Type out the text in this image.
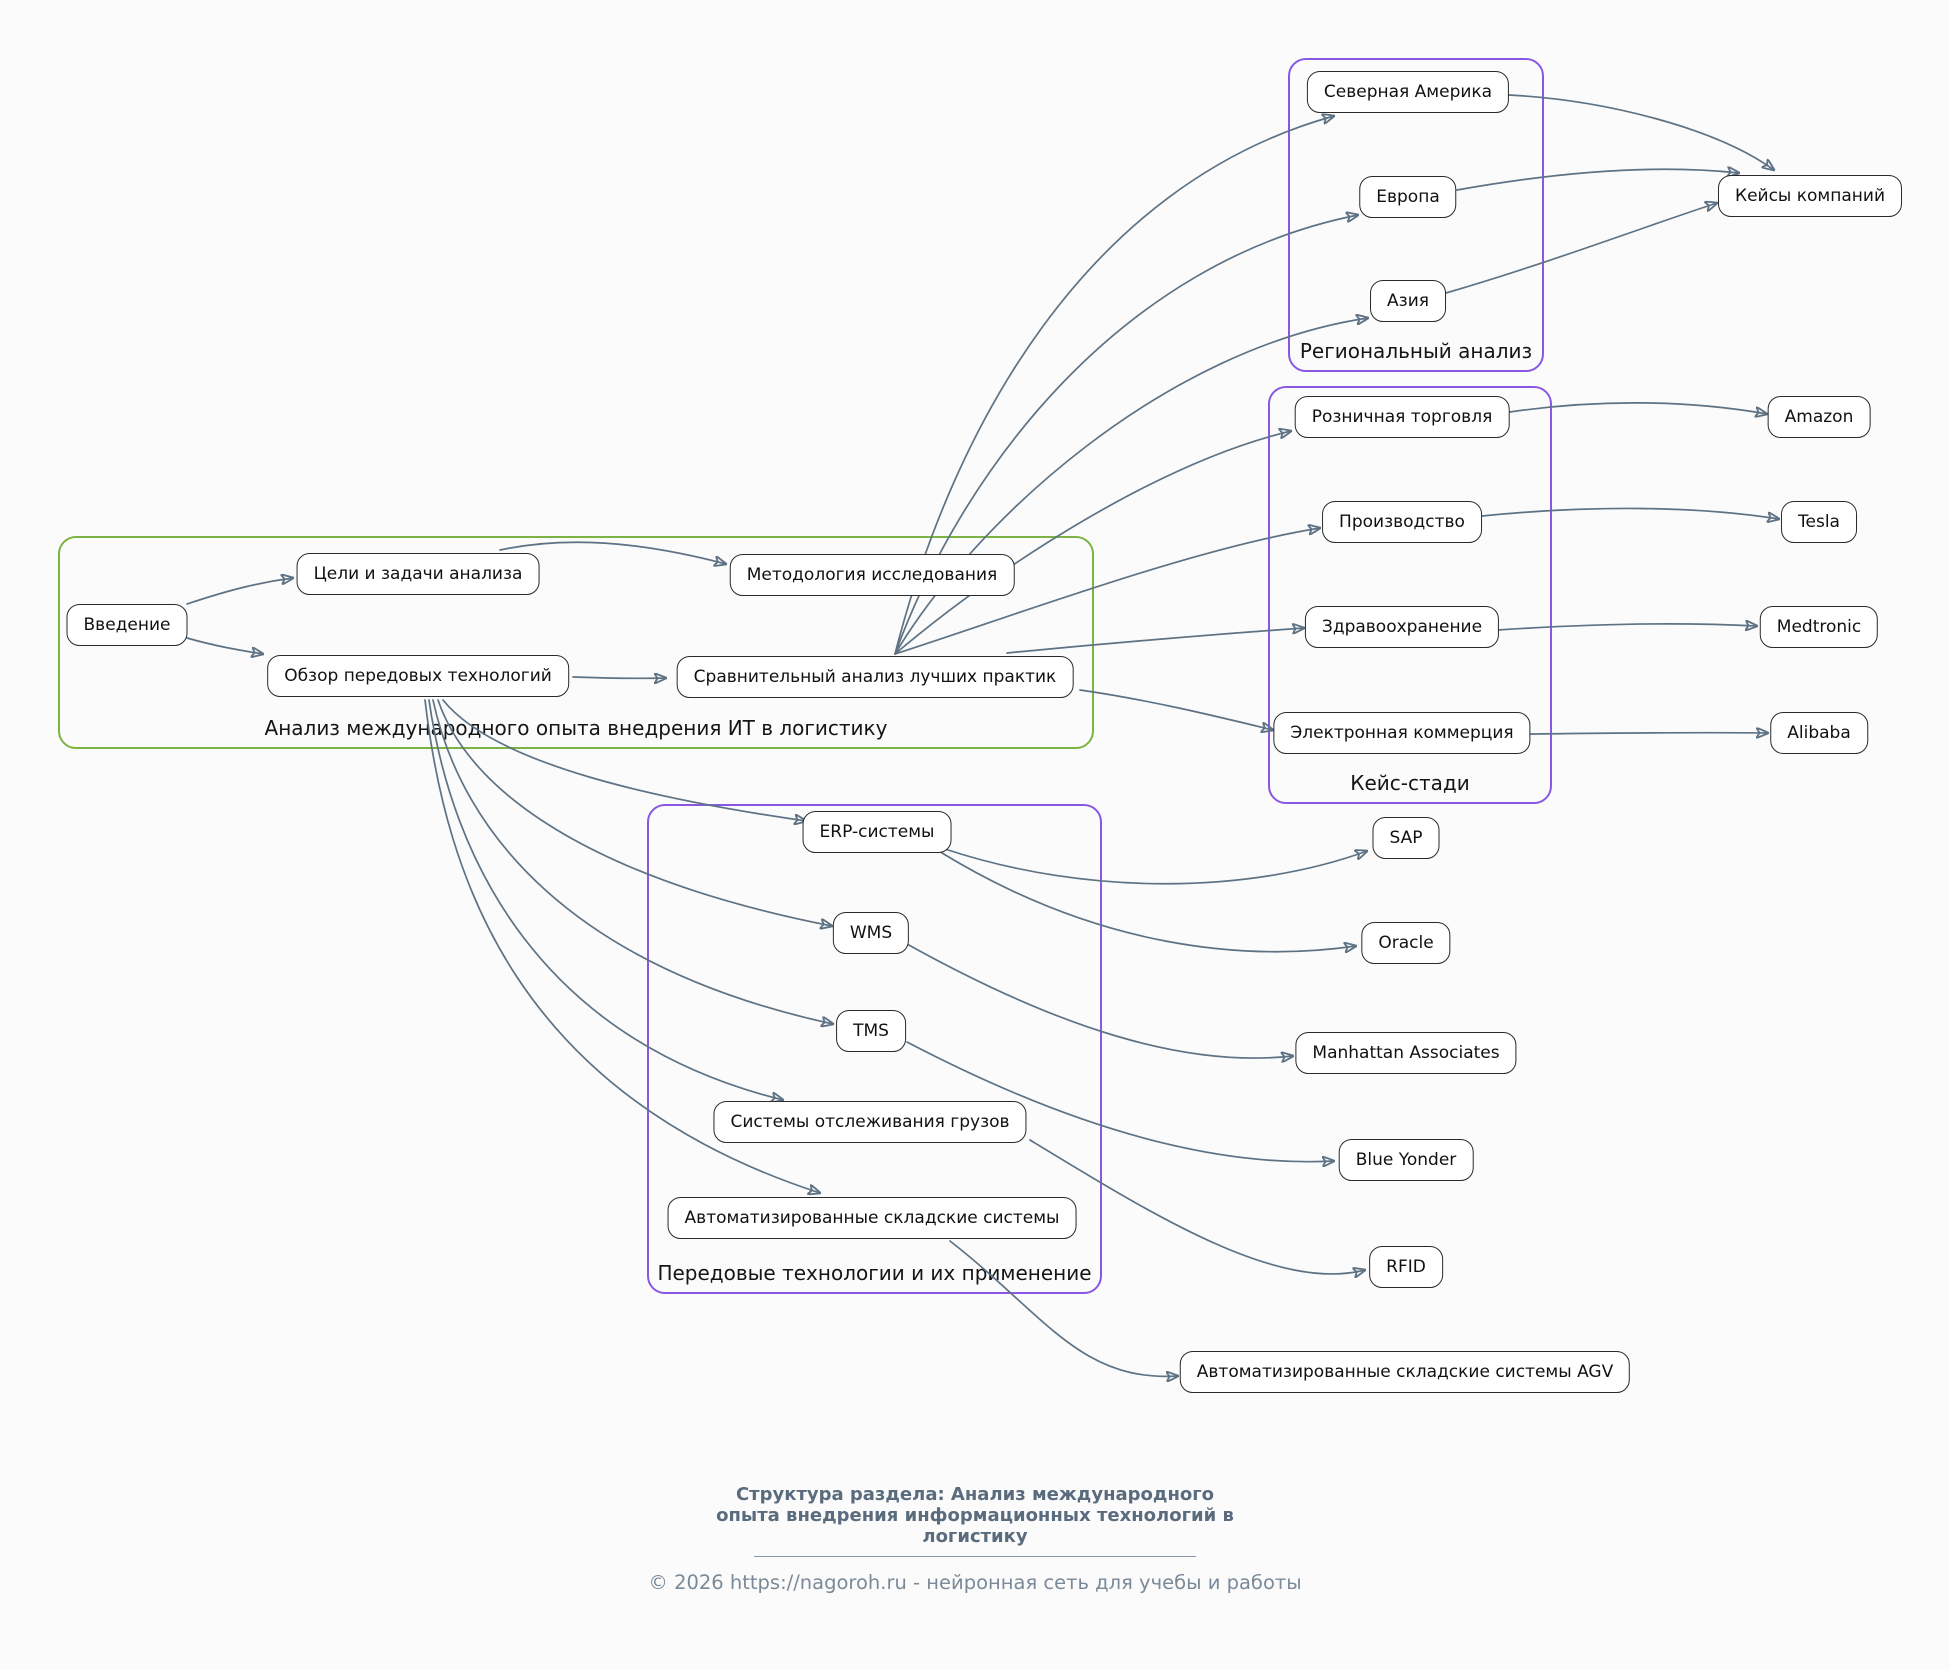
Анализ международного опыта внедрения ИТ в логистику
Региональный анализ
Кейс-стади
Передовые технологии и их применение
Введение
Цели и задачи анализа	Методология исследования
Обзор передовых технологий	Сравнительный анализ лучших практик
Северная Америка
Европа
Азия
Кейсы компаний
Розничная торговля
Производство
Здравоохранение
Электронная коммерция
Amazon
Tesla
Medtronic
Alibaba
ERP-системы
WMS
TMS
Системы отслеживания грузов
Автоматизированные складские системы
SAP
Oracle
Manhattan Associates
Blue Yonder
RFID
Автоматизированные складские системы AGV
Структура раздела: Анализ международного
опыта внедрения информационных технологий в
логистику
© 2026 https://nagoroh.ru - нейронная сеть для учебы и работы
